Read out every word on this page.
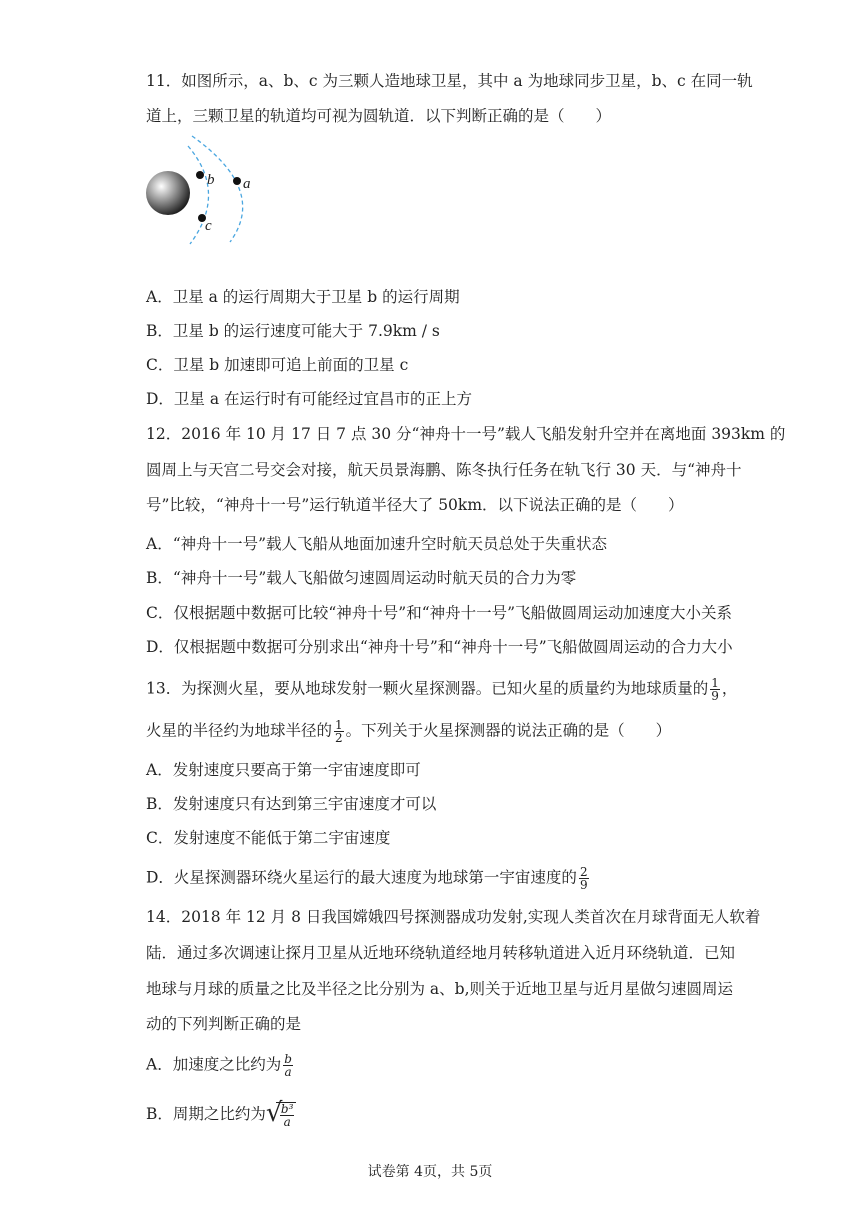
11．如图所示，a、b、c 为三颗人造地球卫星，其中 a 为地球同步卫星，b、c 在同一轨
道上，三颗卫星的轨道均可视为圆轨道．以下判断正确的是（　　）
b a
c
A．卫星 a 的运行周期大于卫星 b 的运行周期
B．卫星 b 的运行速度可能大于 7.9km / s
C．卫星 b 加速即可追上前面的卫星 c
D．卫星 a 在运行时有可能经过宜昌市的正上方
12．2016 年 10 月 17 日 7 点 30 分“神舟十一号”载人飞船发射升空并在离地面 393km 的
圆周上与天宫二号交会对接，航天员景海鹏、陈冬执行任务在轨飞行 30 天．与“神舟十
号”比较，“神舟十一号”运行轨道半径大了 50km．以下说法正确的是（　　）
A．“神舟十一号”载人飞船从地面加速升空时航天员总处于失重状态
B．“神舟十一号”载人飞船做匀速圆周运动时航天员的合力为零
C．仅根据题中数据可比较“神舟十号”和“神舟十一号”飞船做圆周运动加速度大小关系
D．仅根据题中数据可分别求出“神舟十号”和“神舟十一号”飞船做圆周运动的合力大小
13．为探测火星，要从地球发射一颗火星探测器。已知火星的质量约为地球质量的 $\frac{1}{9}$ ，
火星的半径约为地球半径的 $\frac{1}{2}$ 。下列关于火星探测器的说法正确的是（　　）
A．发射速度只要高于第一宇宙速度即可
B．发射速度只有达到第三宇宙速度才可以
C．发射速度不能低于第二宇宙速度
D．火星探测器环绕火星运行的最大速度为地球第一宇宙速度的 $\frac{2}{9}$
14．2018 年 12 月 8 日我国嫦娥四号探测器成功发射,实现人类首次在月球背面无人软着
陆．通过多次调速让探月卫星从近地环绕轨道经地月转移轨道进入近月环绕轨道．已知
地球与月球的质量之比及半径之比分别为 a、b,则关于近地卫星与近月星做匀速圆周运
动的下列判断正确的是
A．加速度之比约为 $\frac{b}{a}$
B．周期之比约为 √
$\frac{\text{b³}}{a}$
试卷第 4页，共 5页
